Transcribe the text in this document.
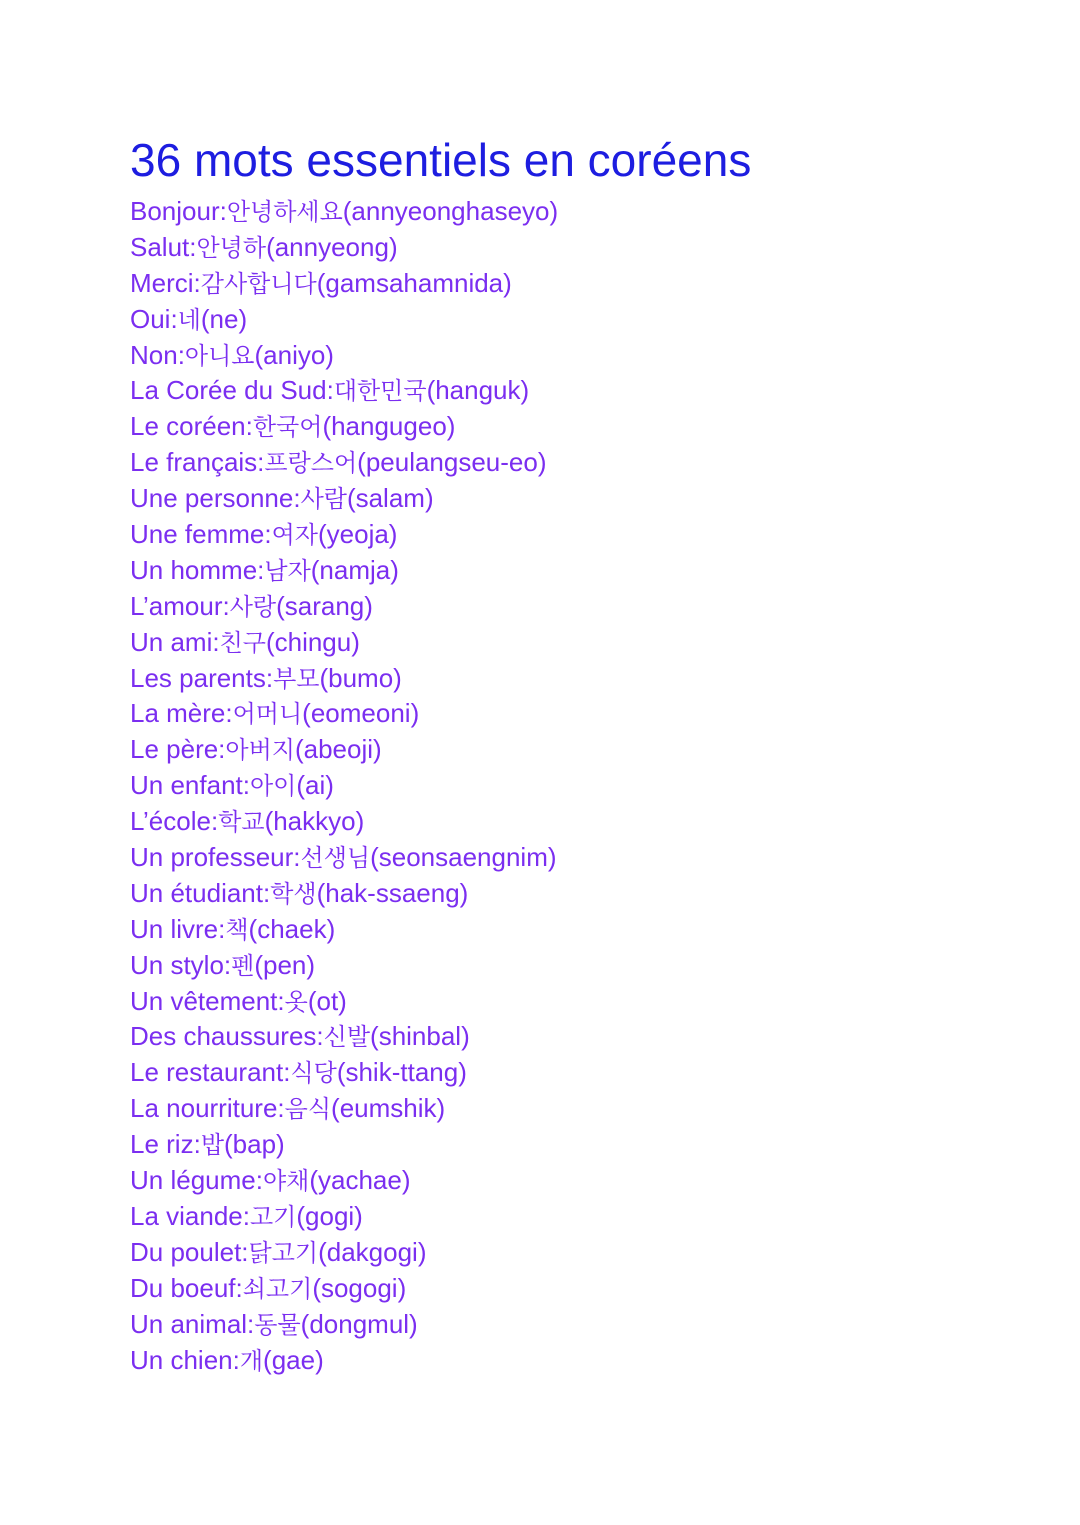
36 mots essentiels en coréens
Bonjour:안녕하세요(annyeonghaseyo)
Salut:안녕하(annyeong)
Merci:감사합니다(gamsahamnida)
Oui:네(ne)
Non:아니요(aniyo)
La Corée du Sud:대한민국(hanguk)
Le coréen:한국어(hangugeo)
Le français:프랑스어(peulangseu-eo)
Une personne:사람(salam)
Une femme:여자(yeoja)
Un homme:남자(namja)
L’amour:사랑(sarang)
Un ami:친구(chingu)
Les parents:부모(bumo)
La mère:어머니(eomeoni)
Le père:아버지(abeoji)
Un enfant:아이(ai)
L’école:학교(hakkyo)
Un professeur:선생님(seonsaengnim)
Un étudiant:학생(hak-ssaeng)
Un livre:책(chaek)
Un stylo:펜(pen)
Un vêtement:옷(ot)
Des chaussures:신발(shinbal)
Le restaurant:식당(shik-ttang)
La nourriture:음식(eumshik)
Le riz:밥(bap)
Un légume:야채(yachae)
La viande:고기(gogi)
Du poulet:닭고기(dakgogi)
Du boeuf:쇠고기(sogogi)
Un animal:동물(dongmul)
Un chien:개(gae)
